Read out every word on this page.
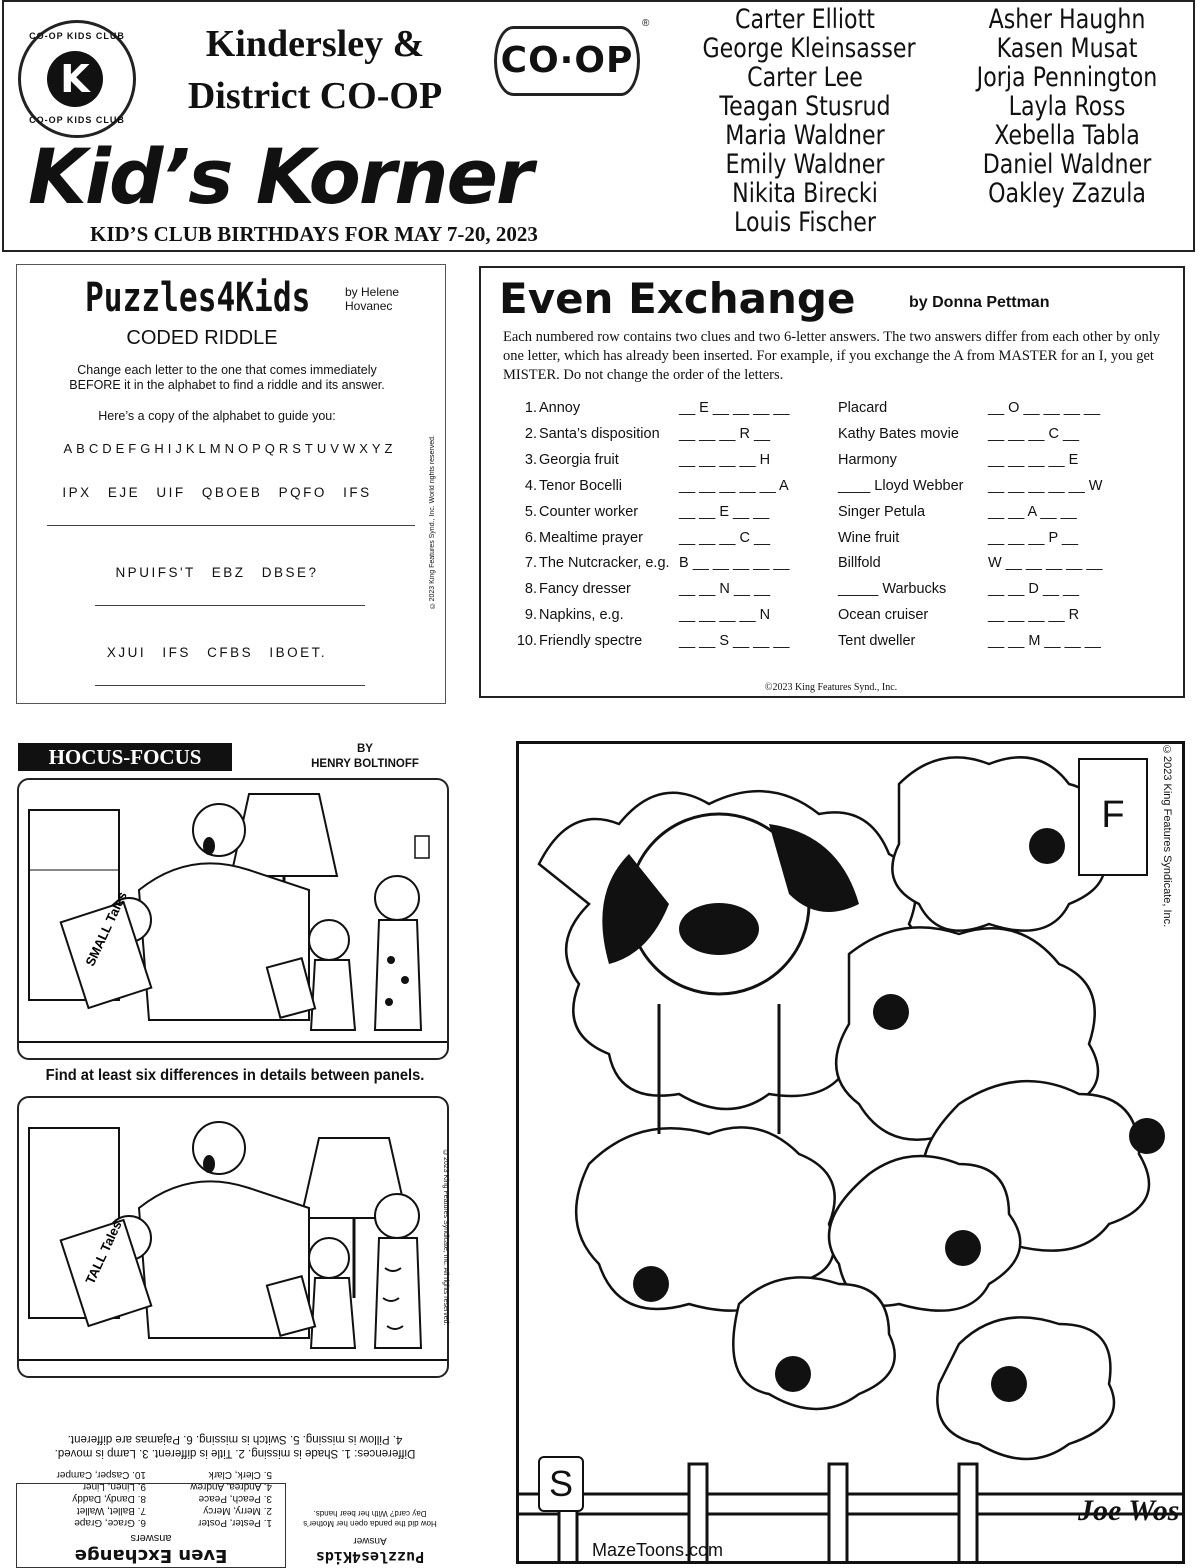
CO-OP KIDS CLUB
K
CO-OP KIDS CLUB
Kindersley &
District CO-OP
CO·OP
®
Kid’s Korner
KID’S CLUB BIRTHDAYS FOR MAY 7-20, 2023
Carter Elliott
George Kleinsasser
Carter Lee
Teagan Stusrud
Maria Waldner
Emily Waldner
Nikita Birecki
Louis Fischer
Asher Haughn
Kasen Musat
Jorja Pennington
Layla Ross
Xebella Tabla
Daniel Waldner
Oakley Zazula
Puzzles4Kids	by Helene Hovanec
CODED RIDDLE
Change each letter to the one that comes immediately BEFORE it in the alphabet to find a riddle and its answer.
Here’s a copy of the alphabet to guide you:
ABCDEFGHIJKLMNOPQRSTUVWXYZ
IPX EJE UIF QBOEB PQFO IFS
NPUIFS'T EBZ DBSE?
XJUI IFS CFBS IBOET.
©2023 King Features Synd., Inc. World rights reserved.
Even Exchange	by Donna Pettman
Each numbered row contains two clues and two 6-letter answers. The two answers differ from each other by only one letter, which has already been inserted. For example, if you exchange the A from MASTER for an I, you get MISTER. Do not change the order of the letters.
1. Annoy	__ E __ __ __ __	Placard	__ O __ __ __ __
2. Santa’s disposition __ __ __ R __	Kathy Bates movie __ __ __ C __
3. Georgia fruit	__ __ __ __ H	Harmony	__ __ __ __ E
4. Tenor Bocelli	__ __ __ __ __ A	____ Lloyd Webber __ __ __ __ __ W
5. Counter worker	__ __ E __ __	Singer Petula	__ __ A __ __
6. Mealtime prayer __ __ __ C __	Wine fruit	__ __ __ P __
7. The Nutcracker, e.g. B __ __ __ __ __	Billfold	W __ __ __ __ __
8. Fancy dresser	__ __ N __ __	_____ Warbucks	__ __ D __ __
9. Napkins, e.g.	__ __ __ __ N	Ocean cruiser	__ __ __ __ R
10. Friendly spectre	__ __ S __ __ __	Tent dweller	__ __ M __ __ __
©2023 King Features Synd., Inc.
HOCUS-FOCUS	BY
HENRY BOLTINOFF
SMALL Tales
Find at least six differences in details between panels.
TALL Tales	©2023 King Features Syndicate, Inc. All rights reserved.
Differences: 1. Shade is missing. 2. Title is different. 3. Lamp is moved.
4. Pillow is missing. 5. Switch is missing. 6. Pajamas are different.
Even Exchange
answers
1. Pester, Poster
2. Merry, Mercy
3. Peach, Peace
4. Andrea, Andrew
5. Clerk, Clark
6. Grace, Grape
7. Ballet, Wallet
8. Dandy, Daddy
9. Linen, Liner
10. Casper, Camper
Puzzles4Kids
Answer
How did the panda open her Mother’s Day card? With her bear hands.
F
S
©2023 King Features Syndicate, Inc.
MazeToons.com
Joe Wos
